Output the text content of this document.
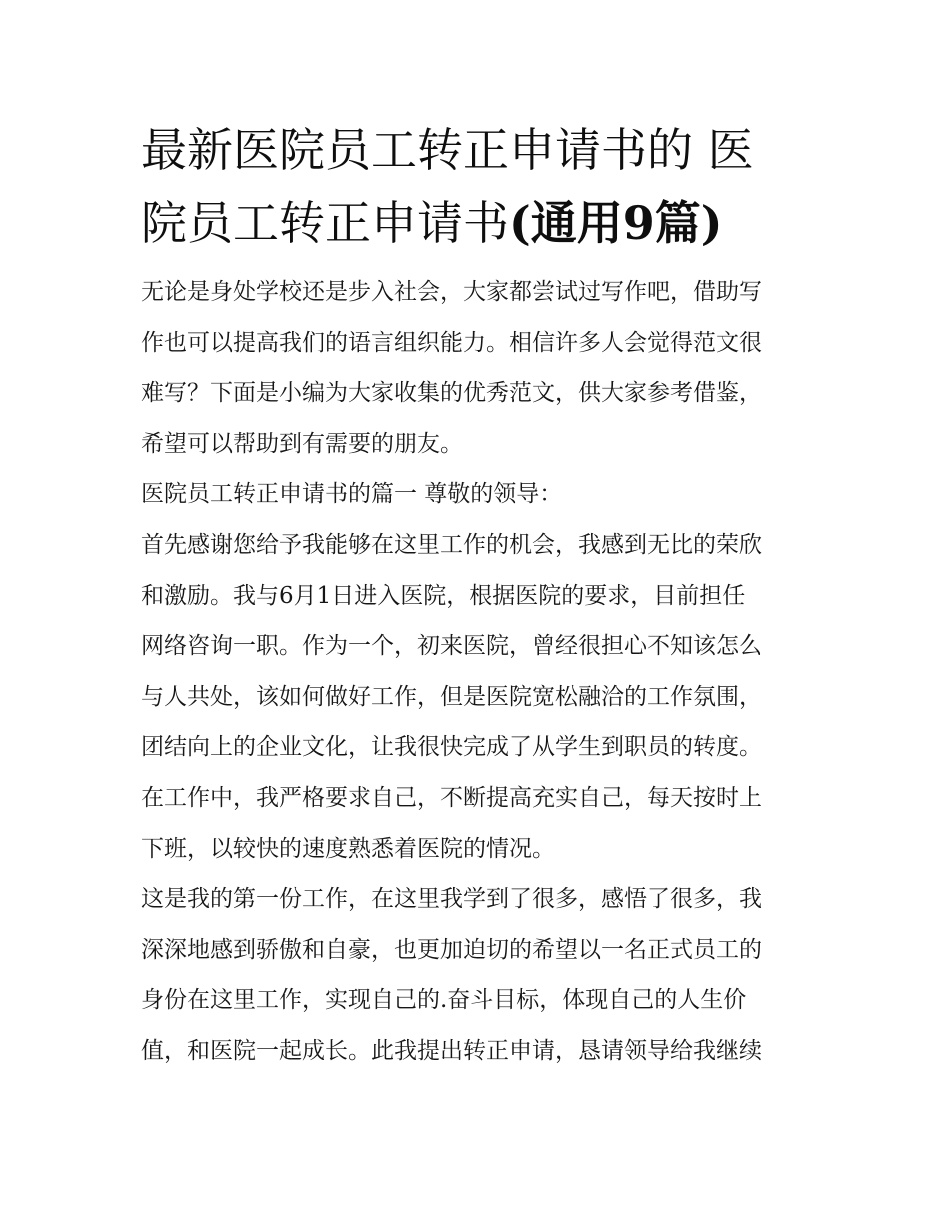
最新医院员工转正申请书的 医
院员工转正申请书(通用9篇)

无论是身处学校还是步入社会，大家都尝试过写作吧，借助写
作也可以提高我们的语言组织能力。相信许多人会觉得范文很
难写？下面是小编为大家收集的优秀范文，供大家参考借鉴，
希望可以帮助到有需要的朋友。

医院员工转正申请书的篇一 尊敬的领导：

首先感谢您给予我能够在这里工作的机会，我感到无比的荣欣
和激励。我与6月1日进入医院，根据医院的要求，目前担任
网络咨询一职。作为一个，初来医院，曾经很担心不知该怎么
与人共处，该如何做好工作，但是医院宽松融洽的工作氛围，
团结向上的企业文化，让我很快完成了从学生到职员的转度。
在工作中，我严格要求自己，不断提高充实自己，每天按时上
下班，以较快的速度熟悉着医院的情况。

这是我的第一份工作，在这里我学到了很多，感悟了很多，我
深深地感到骄傲和自豪，也更加迫切的希望以一名正式员工的
身份在这里工作，实现自己的.奋斗目标，体现自己的人生价
值，和医院一起成长。此我提出转正申请，恳请领导给我继续
